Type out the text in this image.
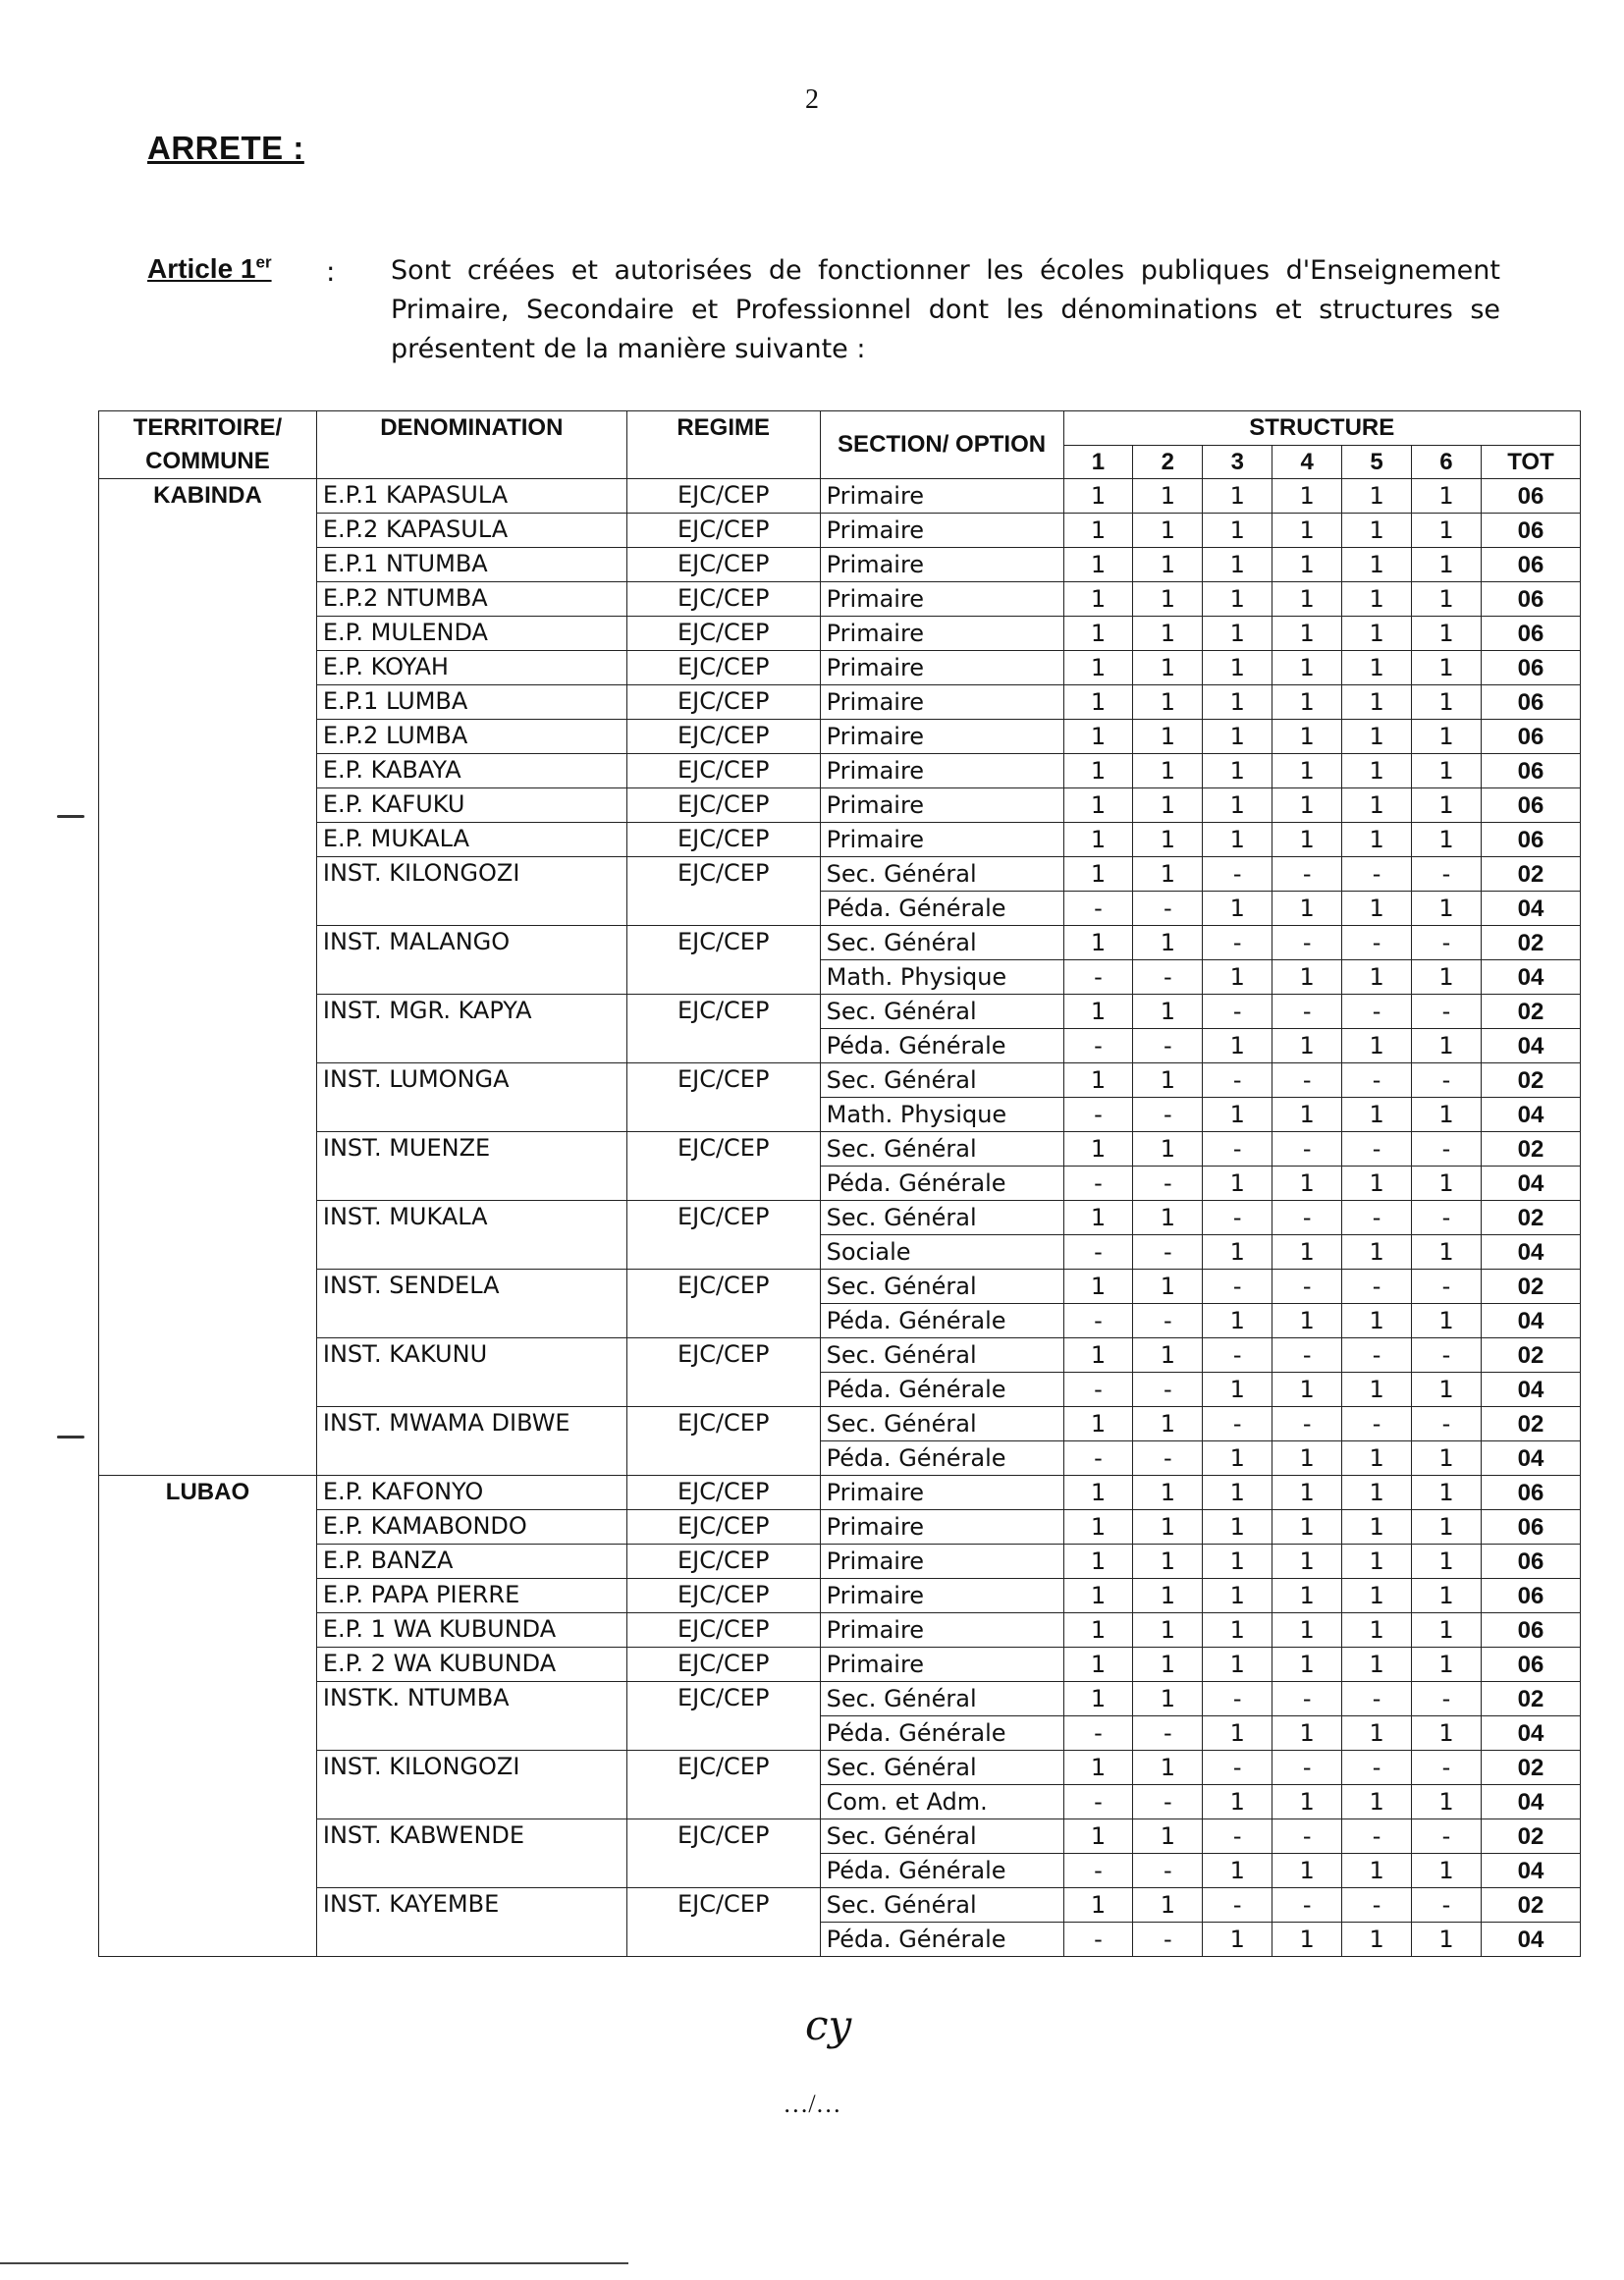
2
ARRETE :
Article 1er : Sont créées et autorisées de fonctionner les écoles publiques d'Enseignement Primaire, Secondaire et Professionnel dont les dénominations et structures se présentent de la manière suivante :
TERRITOIRE/ COMMUNE	DENOMINATION	REGIME	SECTION/ OPTION	STRUCTURE						
				1	2	3	4	5	6	TOT
KABINDA	E.P.1 KAPASULA	EJC/CEP	Primaire	1	1	1	1	1	1	06
	E.P.2 KAPASULA	EJC/CEP	Primaire	1	1	1	1	1	1	06
	E.P.1 NTUMBA	EJC/CEP	Primaire	1	1	1	1	1	1	06
	E.P.2 NTUMBA	EJC/CEP	Primaire	1	1	1	1	1	1	06
	E.P. MULENDA	EJC/CEP	Primaire	1	1	1	1	1	1	06
	E.P. KOYAH	EJC/CEP	Primaire	1	1	1	1	1	1	06
	E.P.1 LUMBA	EJC/CEP	Primaire	1	1	1	1	1	1	06
	E.P.2 LUMBA	EJC/CEP	Primaire	1	1	1	1	1	1	06
	E.P. KABAYA	EJC/CEP	Primaire	1	1	1	1	1	1	06
	E.P. KAFUKU	EJC/CEP	Primaire	1	1	1	1	1	1	06
	E.P. MUKALA	EJC/CEP	Primaire	1	1	1	1	1	1	06
	INST. KILONGOZI	EJC/CEP	Sec. Général	1	1	-	-	-	-	02
			Péda. Générale	-	-	1	1	1	1	04
	INST. MALANGO	EJC/CEP	Sec. Général	1	1	-	-	-	-	02
			Math. Physique	-	-	1	1	1	1	04
	INST. MGR. KAPYA	EJC/CEP	Sec. Général	1	1	-	-	-	-	02
			Péda. Générale	-	-	1	1	1	1	04
	INST. LUMONGA	EJC/CEP	Sec. Général	1	1	-	-	-	-	02
			Math. Physique	-	-	1	1	1	1	04
	INST. MUENZE	EJC/CEP	Sec. Général	1	1	-	-	-	-	02
			Péda. Générale	-	-	1	1	1	1	04
	INST. MUKALA	EJC/CEP	Sec. Général	1	1	-	-	-	-	02
			Sociale	-	-	1	1	1	1	04
	INST. SENDELA	EJC/CEP	Sec. Général	1	1	-	-	-	-	02
			Péda. Générale	-	-	1	1	1	1	04
	INST. KAKUNU	EJC/CEP	Sec. Général	1	1	-	-	-	-	02
			Péda. Générale	-	-	1	1	1	1	04
	INST. MWAMA DIBWE	EJC/CEP	Sec. Général	1	1	-	-	-	-	02
			Péda. Générale	-	-	1	1	1	1	04
LUBAO	E.P. KAFONYO	EJC/CEP	Primaire	1	1	1	1	1	1	06
	E.P. KAMABONDO	EJC/CEP	Primaire	1	1	1	1	1	1	06
	E.P. BANZA	EJC/CEP	Primaire	1	1	1	1	1	1	06
	E.P. PAPA PIERRE	EJC/CEP	Primaire	1	1	1	1	1	1	06
	E.P. 1 WA KUBUNDA	EJC/CEP	Primaire	1	1	1	1	1	1	06
	E.P. 2 WA KUBUNDA	EJC/CEP	Primaire	1	1	1	1	1	1	06
	INSTK. NTUMBA	EJC/CEP	Sec. Général	1	1	-	-	-	-	02
			Péda. Générale	-	-	1	1	1	1	04
	INST. KILONGOZI	EJC/CEP	Sec. Général	1	1	-	-	-	-	02
			Com. et Adm.	-	-	1	1	1	1	04
	INST. KABWENDE	EJC/CEP	Sec. Général	1	1	-	-	-	-	02
			Péda. Générale	-	-	1	1	1	1	04
	INST. KAYEMBE	EJC/CEP	Sec. Général	1	1	-	-	-	-	02
			Péda. Générale	-	-	1	1	1	1	04
cy
…/…
